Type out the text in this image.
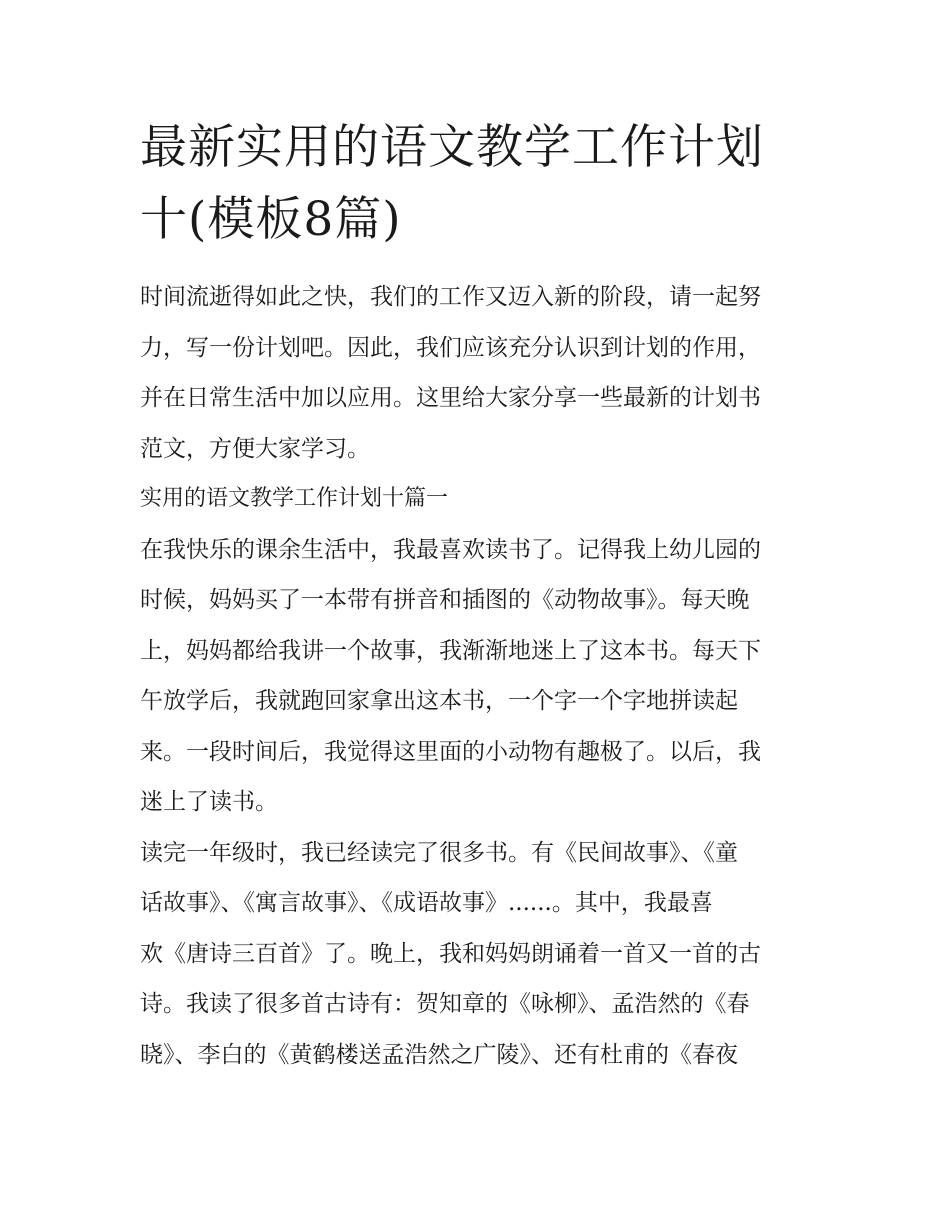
最新实用的语文教学工作计划
十(模板8篇)

时间流逝得如此之快，我们的工作又迈入新的阶段，请一起努
力，写一份计划吧。因此，我们应该充分认识到计划的作用，
并在日常生活中加以应用。这里给大家分享一些最新的计划书
范文，方便大家学习。

实用的语文教学工作计划十篇一

在我快乐的课余生活中，我最喜欢读书了。记得我上幼儿园的
时候，妈妈买了一本带有拼音和插图的《动物故事》。每天晚
上，妈妈都给我讲一个故事，我渐渐地迷上了这本书。每天下
午放学后，我就跑回家拿出这本书，一个字一个字地拼读起
来。一段时间后，我觉得这里面的小动物有趣极了。以后，我
迷上了读书。

读完一年级时，我已经读完了很多书。有《民间故事》、《童
话故事》、《寓言故事》、《成语故事》......。其中，我最喜
欢《唐诗三百首》了。晚上，我和妈妈朗诵着一首又一首的古
诗。我读了很多首古诗有：贺知章的《咏柳》、孟浩然的《春
晓》、李白的《黄鹤楼送孟浩然之广陵》、还有杜甫的《春夜
